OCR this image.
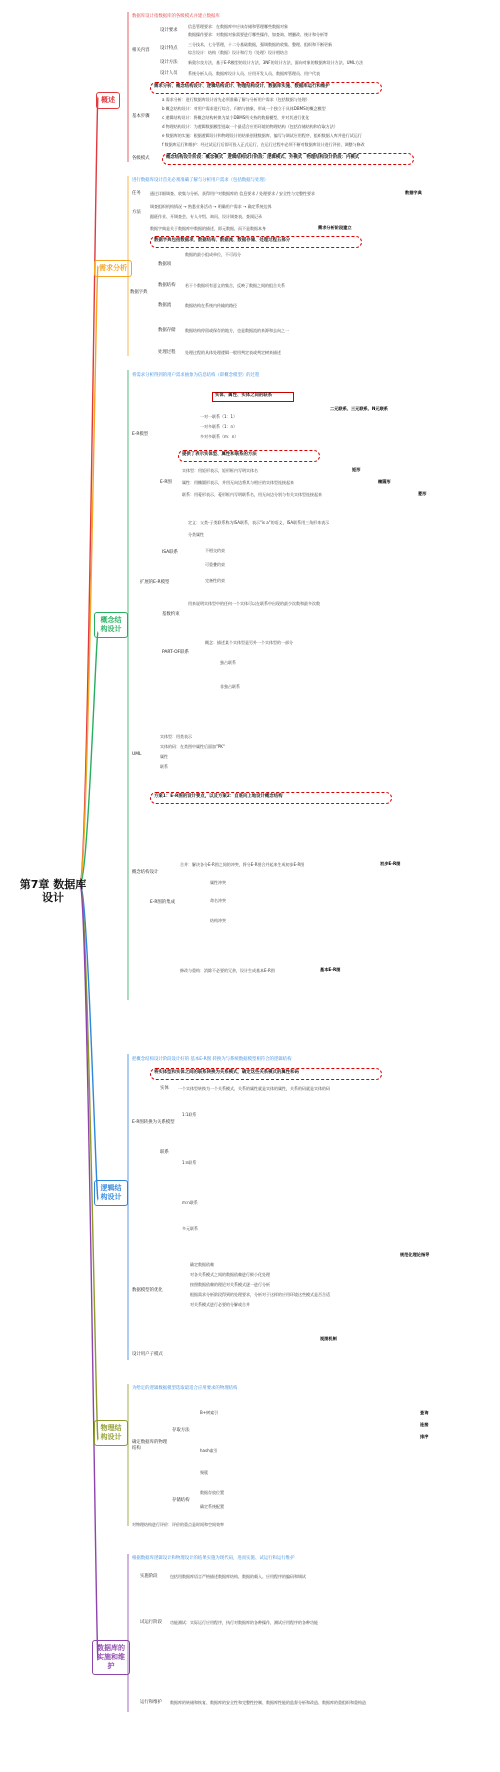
第7章 数据库设计
概述
需求分析
概念结构设计
逻辑结构设计
物理结构设计
数据库的实施和维护
数据库设计指数据库的各级模式并建立数据库
相关内容
设计要求
信息管理要求：在数据库中应该存储和管理哪些数据对象
数据操作要求：对数据对象需要进行哪些操作，如查询、增删改、统计和分析等
设计特点
三分技术，七分管理，十二分基础数据，强调数据的收集、整理、组织和不断更新
综合设计：结构（数据）设计和行为（处理）设计相结合
设计方法	新奥尔良方法，基于E-R模型的设计方法，3NF的设计方法，面向对象的数据库设计方法、UML方法
设计人员	系统分析人员、数据库设计人员、应用开发人员、数据库管理员、用户代表
需求分析、概念结构设计、逻辑结构设计、物理结构设计、数据库实施、数据库运行和维护
基本步骤
a 需求分析：进行数据库设计首先必须准确了解与分析用户需求（包括数据与处理）
b 概念结构设计：对用户需求进行综合、归纳与抽象，形成一个独立于具体DBMS的概念模型
c 逻辑结构设计：将概念结构转换为某个DBMS所支持的数据模型，并对其进行优化
d 物理结构设计：为逻辑数据模型选取一个最适合应用环境的物理结构（包括存储结构和存取方法）
e 数据库的实施：根据逻辑设计和物理设计的结果创建数据库，编写与调试应用程序，组织数据入库并进行试运行
f 数据库运行和维护：经过试运行后即可投入正式运行，在运行过程中必须不断对数据库设计进行评价、调整与修改
各级模式	概念结构设计阶段：概念模式　逻辑结构设计阶段：逻辑模式、外模式　物理结构设计阶段：内模式
进行数据库设计首先必须准确了解与分析用户需求（包括数据与处理）
任务 通过详细调查、收集与分析，获得用户对数据库的 信息要求 / 处理要求 / 安全性与完整性要求	数据字典
方法
调查组织机构情况 → 熟悉业务活动 → 明确用户需求 → 确定系统边界
跟班作业、开调查会、专人介绍、询问、设计调查表、查阅记录
数据字典
数据字典是关于数据库中数据的描述，即元数据，而不是数据本身	需求分析阶段建立
数据字典包括数据项、数据结构、数据流、数据存储、处理过程五部分
数据项
数据的最小组成单位，不可再分
数据结构 若干个数据项有意义的集合，反映了数据之间的组合关系
数据流	数据结构在系统内传输的路径
数据存储 数据结构停留或保存的地方，也是数据流的来源和去向之一
处理过程 处理过程的具体处理逻辑一般用判定表或判定树来描述
将需求分析得到的用户需求抽象为信息结构（即概念模型）的过程
E-R模型
实体、属性、实体之间的联系
一对一联系（1：1）
一对多联系（1：n）
多对多联系（m：n）
二元联系、三元联系、N元联系
E-R图
提供了表示实体型、属性和联系的方法
实体型：用矩形表示，矩形框内写明实体名	矩形
属性：用椭圆形表示，并用无向边将其与相应的实体型连接起来	椭圆形
联系：用菱形表示，菱形框内写明联系名，用无向边分别与有关实体型连接起来	菱形
扩展的E-R模型
ISA联系
定义：父类-子类联系称为ISA联系，表示"is a"的语义，ISA联系用三角形来表示
分类属性
不相交约束
可重叠约束
完备性约束
基数约束
用来说明实体型中的任何一个实体可以在联系中出现的最少次数和最多次数
PART-OF联系
概念：描述某个实体型是另外一个实体型的一部分
独占联系
非独占联系
UML
实体型：用类表示
实体的码：在类图中属性后面加"PK"
属性
联系
概念结构设计
方案1：E-R图的设计要点，以及方案2：自底向上地设计概念结构
E-R图的集成
合并：解决各分E-R图之间的冲突，将分E-R图合并起来生成初步E-R图	初步E-R图
属性冲突
命名冲突
结构冲突
修改与重构：消除不必要的冗余，设计生成基本E-R图	基本E-R图
把概念结构设计阶段设计好的 基本E-R图 转换为与系统数据模型相符合的逻辑结构
将实体型和实体之间的联系转换为关系模式，确定这些关系模式的属性和码
E-R图转换为关系模型
实体 一个实体型转换为一个关系模式，关系的属性就是实体的属性，关系的码就是实体的码
联系
1:1联系
1:n联系
m:n联系
多元联系
数据模型的优化
规范化理论指导
确定数据依赖
对各关系模式之间的数据依赖进行极小化处理
按照数据依赖的理论对关系模式逐一进行分析
根据需求分析阶段得到的处理要求，分析对于这样的应用环境这些模式是否合适
对关系模式进行必要的分解或合并
设计用户子模式
视图机制
为给定的逻辑数据模型选取最适合应用要求的物理结构
确定数据库的物理结构
存取方法
B+树索引
hash索引
聚簇
查询
连接
排序
存储结构
数据存放位置
确定系统配置
对物理结构进行评价：评价的重点是时间和空间效率
根据数据库逻辑设计和物理设计的结果实施为现代码，进而实施、试运行和运行维护
实施阶段	包括用数据库语言严格描述数据库结构、数据的载入、应用程序的编码和调试
试运行阶段 功能测试：实际运行应用程序，执行对数据库的各种操作，测试应用程序的各种功能
运行和维护 数据库的转储和恢复、数据库的安全性和完整性控制、数据库性能的监督分析和改造、数据库的重组织和重构造
